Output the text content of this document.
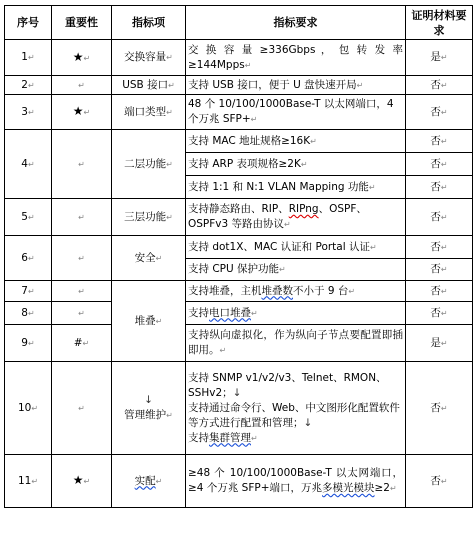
序号	重要性	指标项	指标要求	证明材料要求
1↵	★↵	交换容量↵	交 换 容 量 ≥336Gbps ， 包 转 发 率≥144Mpps↵	是↵
2↵	↵	USB 接口↵	支持 USB 接口，便于 U 盘快速开局↵	否↵
3↵	★↵	端口类型↵	48 个 10/100/1000Base-T 以太网端口，4 个万兆 SFP+↵	否↵
4↵	↵	二层功能↵	支持 MAC 地址规格≥16K↵	否↵
			支持 ARP 表项规格≥2K↵	否↵
			支持 1:1 和 N:1 VLAN Mapping 功能↵	否↵
5↵	↵	三层功能↵	支持静态路由、RIP、RIPng、OSPF、OSPFv3 等路由协议↵	否↵
6↵	↵	安全↵	支持 dot1X、MAC 认证和 Portal 认证↵	否↵
			支持 CPU 保护功能↵	否↵
7↵	↵	堆叠↵	支持堆叠，主机堆叠数不小于 9 台↵	否↵
8↵	↵		支持电口堆叠↵	否↵
9↵	#↵		支持纵向虚拟化，作为纵向子节点要配置即插即用。↵	是↵
10↵	↵	↓
管理维护↵	支持 SNMP v1/v2/v3、Telnet、RMON、SSHv2；↓
支持通过命令行、Web、中文图形化配置软件等方式进行配置和管理；↓
支持集群管理↵	否↵
11↵	★↵	实配↵	≥48 个 10/100/1000Base-T 以太网端口，≥4 个万兆 SFP+端口，万兆多模光模块≥2↵	否↵
